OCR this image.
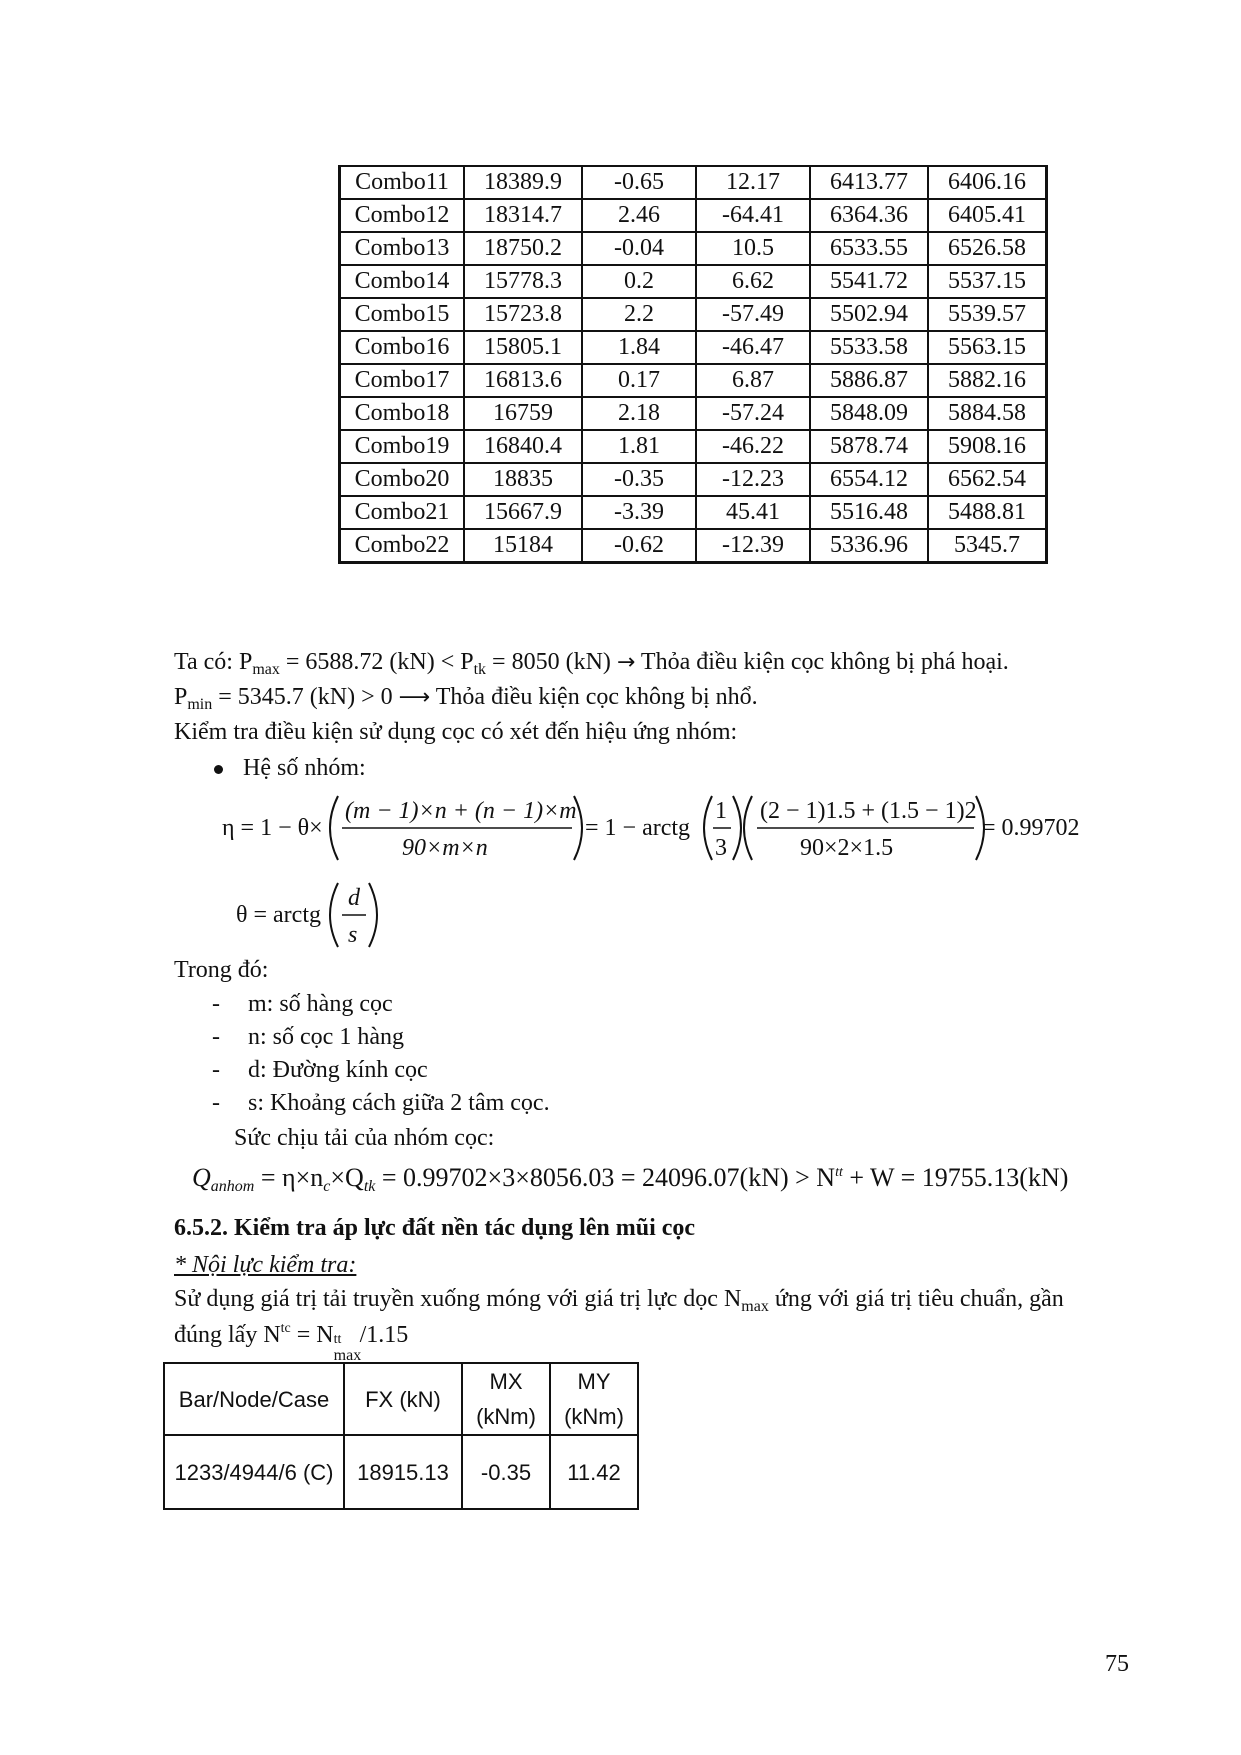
Combo11	18389.9	-0.65	12.17	6413.77	6406.16
Combo12	18314.7	2.46	-64.41	6364.36	6405.41
Combo13	18750.2	-0.04	10.5	6533.55	6526.58
Combo14	15778.3	0.2	6.62	5541.72	5537.15
Combo15	15723.8	2.2	-57.49	5502.94	5539.57
Combo16	15805.1	1.84	-46.47	5533.58	5563.15
Combo17	16813.6	0.17	6.87	5886.87	5882.16
Combo18	16759	2.18	-57.24	5848.09	5884.58
Combo19	16840.4	1.81	-46.22	5878.74	5908.16
Combo20	18835	-0.35	-12.23	6554.12	6562.54
Combo21	15667.9	-3.39	45.41	5516.48	5488.81
Combo22	15184	-0.62	-12.39	5336.96	5345.7
Ta có: $P_{max} = 6588.72$ $(kN) < P_{tk} = 8050$ (kN) → Thỏa điều kiện cọc không bị phá hoại.
$P_{min} = 5345.7$ (kN) > 0 ⟶ Thỏa điều kiện cọc không bị nhổ.
Kiểm tra điều kiện sử dụng cọc có xét đến hiệu ứng nhóm:
Hệ số nhóm:
η = 1 − θ×
(m − 1)×n + (n − 1)×m
90×m×n
= 1 − arctg
1
3
(2 − 1)1.5 + (1.5 − 1)2
90×2×1.5
= 0.99702
θ = arctg
d
s
Trong đó:
- m: số hàng cọc
- n: số cọc 1 hàng
- d: Đường kính cọc
- s: Khoảng cách giữa 2 tâm cọc.
Sức chịu tải của nhóm cọc:
Qanhom = $\eta\times nc\times Qtk = 0.99702\times 3\times 8056.03 = 24096.07(kN) > N^{tt} + W = 19755.13(kN)$
6.5.2. Kiểm tra áp lực đất nền tác dụng lên mũi cọc
* Nội lực kiểm tra:
Sử dụng giá trị tải truyền xuống móng với giá trị lực dọc $N_{max}$ ứng với giá trị tiêu chuẩn, gần
đúng lấy $N^{tc} = N$ tt
max
/1.15
Bar/Node/Case	FX (kN)	MX (kNm)	MY (kNm)
1233/4944/6 (C)	18915.13	-0.35	11.42
75
